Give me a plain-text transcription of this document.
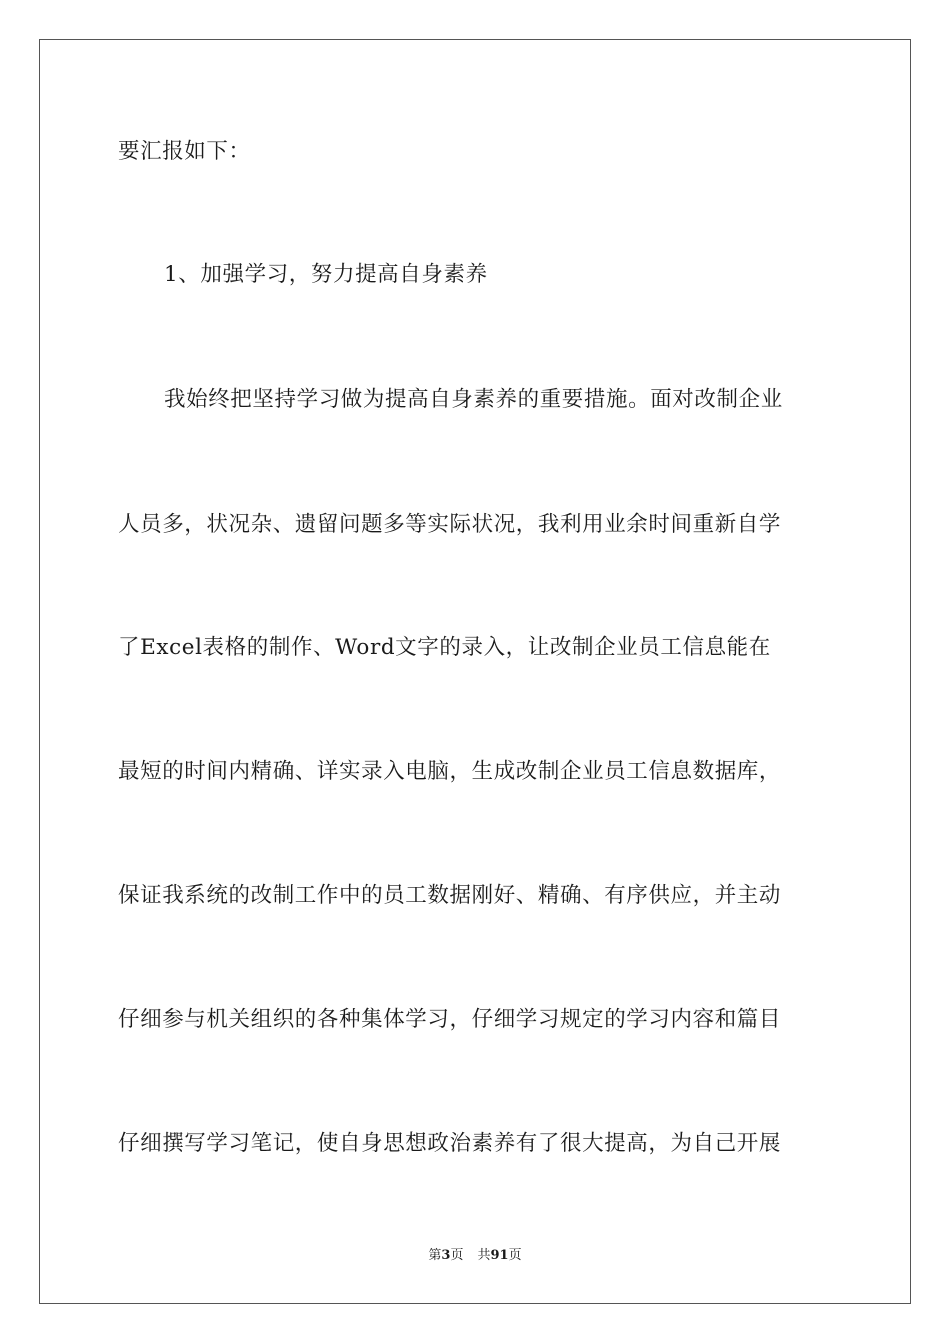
要汇报如下：
1、加强学习，努力提高自身素养
我始终把坚持学习做为提高自身素养的重要措施。面对改制企业
人员多，状况杂、遗留问题多等实际状况，我利用业余时间重新自学
了Excel表格的制作、Word文字的录入，让改制企业员工信息能在
最短的时间内精确、详实录入电脑，生成改制企业员工信息数据库，
保证我系统的改制工作中的员工数据刚好、精确、有序供应，并主动
仔细参与机关组织的各种集体学习，仔细学习规定的学习内容和篇目
仔细撰写学习笔记，使自身思想政治素养有了很大提高，为自己开展
第3页 共91页
